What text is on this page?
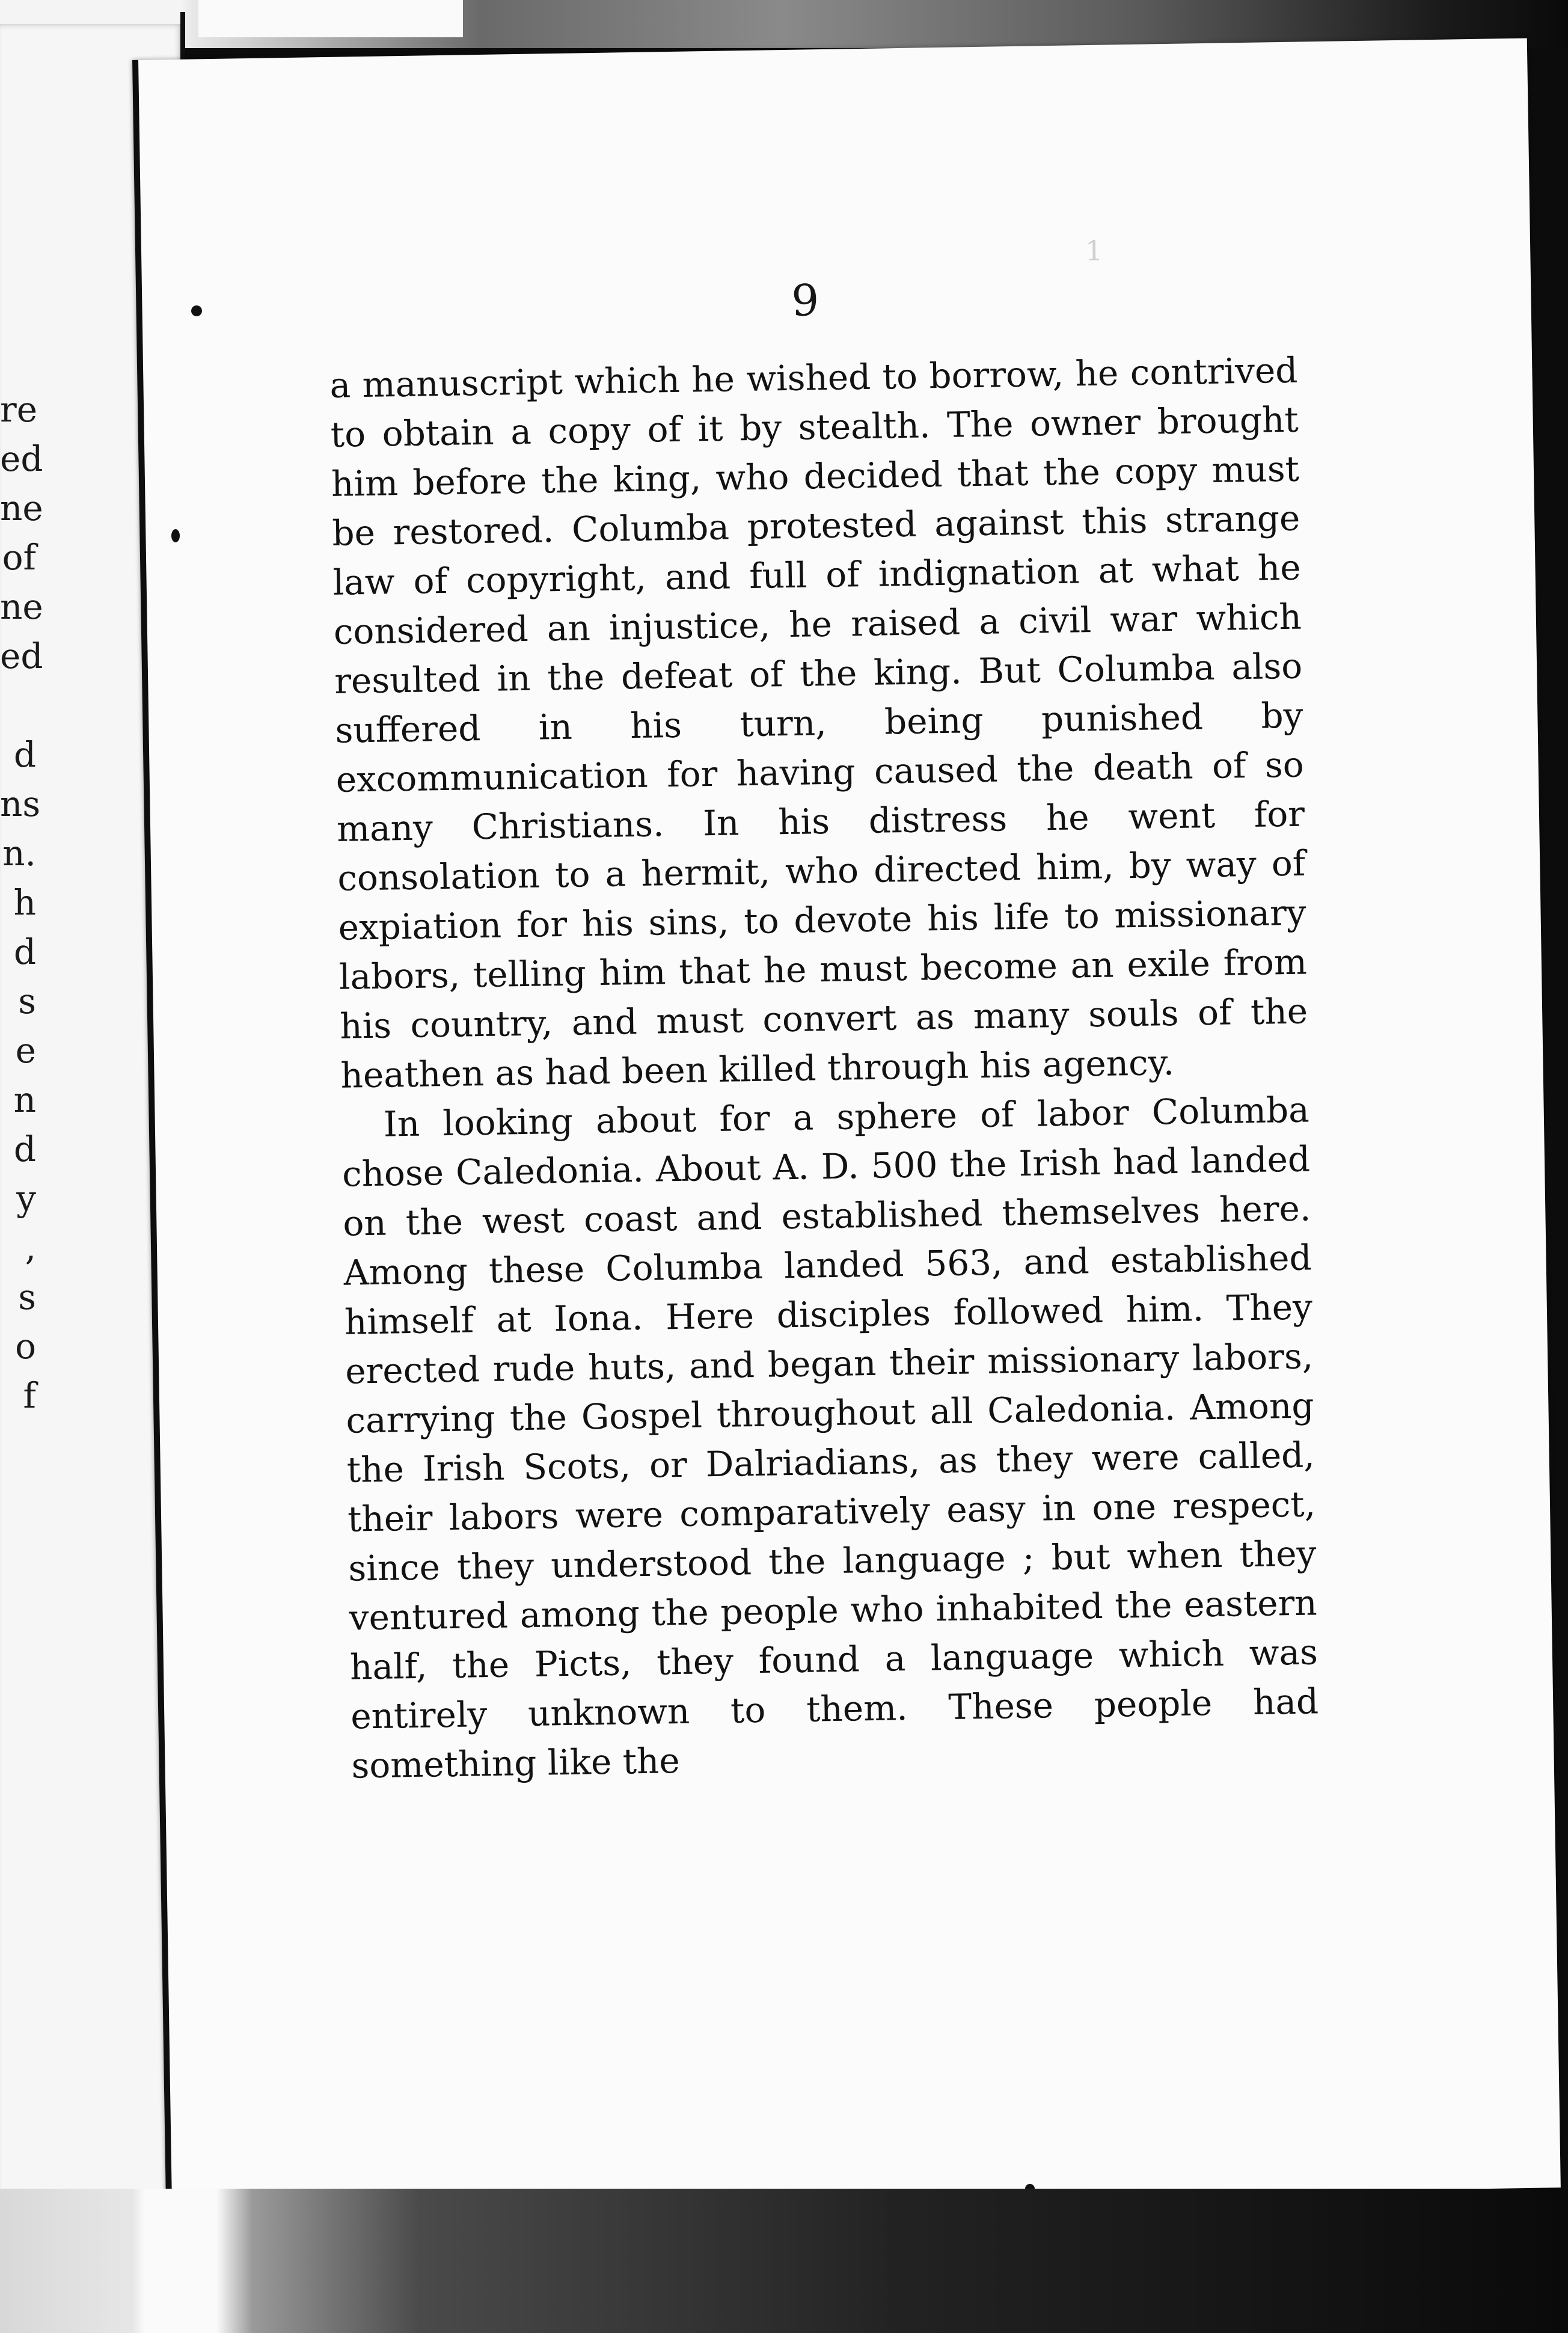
re
ed
ne
of
ne
ed

d
ns
n.
h
d
s
e
n
d
y
,
s
o
f
1
9

a manuscript which he wished to borrow, he contrived to obtain a copy of it by stealth. The owner brought him before the king, who decided that the copy must be restored. Columba protested against this strange law of copyright, and full of indignation at what he considered an injustice, he raised a civil war which resulted in the defeat of the king. But Columba also suffered in his turn, being punished by excommunication for having caused the death of so many Christians. In his distress he went for consolation to a hermit, who directed him, by way of expiation for his sins, to devote his life to missionary labors, telling him that he must become an exile from his country, and must convert as many souls of the heathen as had been killed through his agency.

In looking about for a sphere of labor Columba chose Caledonia. About A. D. 500 the Irish had landed on the west coast and established themselves here. Among these Columba landed 563, and established himself at Iona. Here disciples followed him. They erected rude huts, and began their missionary labors, carrying the Gospel throughout all Caledonia. Among the Irish Scots, or Dalriadians, as they were called, their labors were comparatively easy in one respect, since they understood the language ; but when they ventured among the people who inhabited the eastern half, the Picts, they found a language which was entirely unknown to them. These people had something like the
